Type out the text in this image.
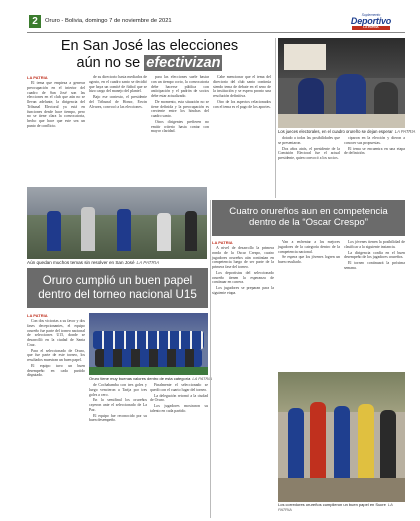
2	Oruro - Bolivia, domingo 7 de noviembre de 2021
Suplemento
Deportivo
LA PATRIA
En San José las elecciones
aún no se efectivizan
LA PATRIA

El tema que empieza a generar preocupación en el interior del cuadro de San José son las elecciones en el club que aún no se llevan adelante, la dirigencia del Tribunal Electoral ya está en funciones desde hace tiempo, pero no se tiene clara la convocatoria, hecho que hace que este sea un punto de conflicto.

de su directorio hasta mediados de agosto, en el cuadro santo se decidió que haya un comité de fútbol que se hizo cargo del manejo del plantel.

Bajo ese contexto, el presidente del Tribunal de Honor, Erwin Alvarez, convocó a las elecciones.

para las elecciones suele bastar con un tiempo corto, la convocatoria debe hacerse pública con anticipación y el padrón de socios debe estar actualizado.

De momento, esta situación no se tiene definida y la preocupación es creciente entre los hinchas del cuadro santo.

Otros dirigentes prefieren no emitir criterio hasta contar con mayor claridad.

Cabe mencionar que el tema del directorio del club santo continúa siendo tema de debate en el seno de la institución y se espera pronto una resolución definitiva.

Otro de los aspectos relacionados con el tema es el pago de los aportes.

Aún quedan muchos temas sin resolver en San José LA PATRIA
Los jueces electorales, en el cuadro orureño se dejan esperar LA PATRIA

dotado a todas las posibilidades que se presentaron.

Dos años atrás, el presidente de la Comisión Electoral fue el actual presidente, quien convocó a los socios.

ciparon en la elección y dieron a conocer sus propuestas.

El tema se encuentra en una etapa de definición.

Cuatro orureños aun en competencia
dentro de la “Oscar Crespo”
LA PATRIA

A nivel de desarrollo la primera ronda de la Oscar Crespo, cuatro jugadores orureños aún continúan en competencia luego de ser parte de la primera fase del torneo.

Los deportistas del seleccionado orureño tienen la esperanza de continuar en carrera.

Los jugadores se preparan para la siguiente etapa.

Van a enfrentar a los mejores jugadores de la categoría dentro de la competencia nacional.

Se espera que los jóvenes logren un buen resultado.

Los jóvenes tienen la posibilidad de clasificar a la siguiente instancia.

La dirigencia confía en el buen desempeño de los jugadores orureños.

El torneo continuará la próxima semana.

Los corredores orureños cumplieron un buen papel en Sucre LA PATRIA
Oruro cumplió un buen papel
dentro del torneo nacional U15
LA PATRIA

Con dos victorias a su favor y dos fases decepcionantes, el equipo orureño fue parte del torneo nacional de selecciones U15, donde se desarrolló en la ciudad de Santa Cruz.

Para el seleccionado de Oruro, que fue parte de este torneo, los resultados muestran un buen papel.

El equipo tuvo un buen desempeño en cada partido disputado.

Oruro tiene muy buenas valores dentro de esta categoría LA PATRIA

de Cochabamba con tres goles y luego vencieron a Tarija por tres goles a cero.

En la semifinal los orureños cayeron ante el seleccionado de La Paz.

El equipo fue reconocido por su buen desempeño.

Finalmente el seleccionado se quedó con el cuarto lugar del torneo.

La delegación retornó a la ciudad de Oruro.

Los jugadores mostraron su talento en cada partido.
